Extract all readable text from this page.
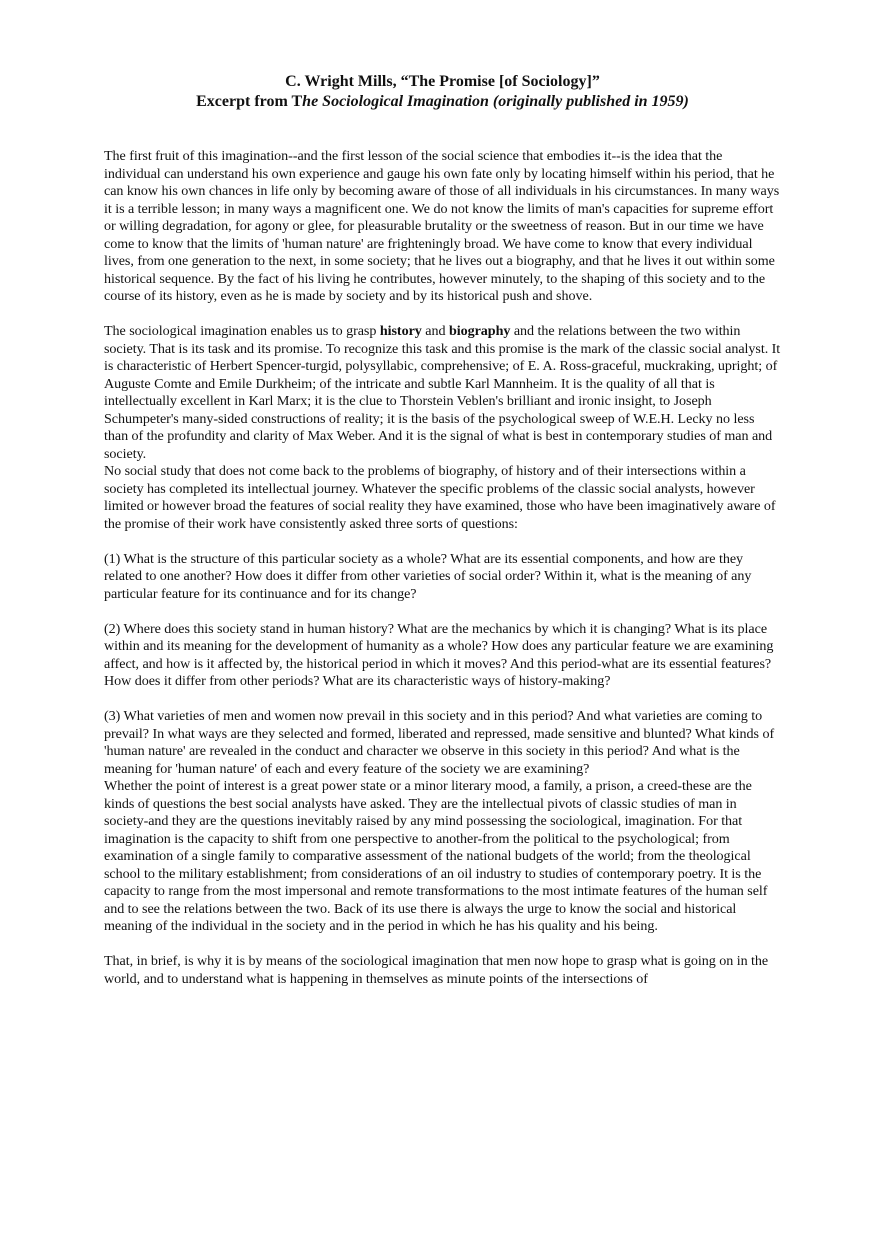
C. Wright Mills, “The Promise [of Sociology]”
Excerpt from The Sociological Imagination (originally published in 1959)

The first fruit of this imagination--and the first lesson of the social science that embodies it--is the idea that the individual can understand his own experience and gauge his own fate only by locating himself within his period, that he can know his own chances in life only by becoming aware of those of all individuals in his circumstances. In many ways it is a terrible lesson; in many ways a magnificent one. We do not know the limits of man's capacities for supreme effort or willing degradation, for agony or glee, for pleasurable brutality or the sweetness of reason. But in our time we have come to know that the limits of 'human nature' are frighteningly broad. We have come to know that every individual lives, from one generation to the next, in some society; that he lives out a biography, and that he lives it out within some historical sequence. By the fact of his living he contributes, however minutely, to the shaping of this society and to the course of its history, even as he is made by society and by its historical push and shove.

The sociological imagination enables us to grasp history and biography and the relations between the two within society. That is its task and its promise. To recognize this task and this promise is the mark of the classic social analyst. It is characteristic of Herbert Spencer-turgid, polysyllabic, comprehensive; of E. A. Ross-graceful, muckraking, upright; of Auguste Comte and Emile Durkheim; of the intricate and subtle Karl Mannheim. It is the quality of all that is intellectually excellent in Karl Marx; it is the clue to Thorstein Veblen's brilliant and ironic insight, to Joseph Schumpeter's many-sided constructions of reality; it is the basis of the psychological sweep of W.E.H. Lecky no less than of the profundity and clarity of Max Weber. And it is the signal of what is best in contemporary studies of man and society.

No social study that does not come back to the problems of biography, of history and of their intersections within a society has completed its intellectual journey. Whatever the specific problems of the classic social analysts, however limited or however broad the features of social reality they have examined, those who have been imaginatively aware of the promise of their work have consistently asked three sorts of questions:

(1) What is the structure of this particular society as a whole? What are its essential components, and how are they related to one another? How does it differ from other varieties of social order? Within it, what is the meaning of any particular feature for its continuance and for its change?

(2) Where does this society stand in human history? What are the mechanics by which it is changing? What is its place within and its meaning for the development of humanity as a whole? How does any particular feature we are examining affect, and how is it affected by, the historical period in which it moves? And this period-what are its essential features? How does it differ from other periods? What are its characteristic ways of history-making?

(3) What varieties of men and women now prevail in this society and in this period? And what varieties are coming to prevail? In what ways are they selected and formed, liberated and repressed, made sensitive and blunted? What kinds of 'human nature' are revealed in the conduct and character we observe in this society in this period? And what is the meaning for 'human nature' of each and every feature of the society we are examining?

Whether the point of interest is a great power state or a minor literary mood, a family, a prison, a creed-these are the kinds of questions the best social analysts have asked. They are the intellectual pivots of classic studies of man in society-and they are the questions inevitably raised by any mind possessing the sociological, imagination. For that imagination is the capacity to shift from one perspective to another-from the political to the psychological; from examination of a single family to comparative assessment of the national budgets of the world; from the theological school to the military establishment; from considerations of an oil industry to studies of contemporary poetry. It is the capacity to range from the most impersonal and remote transformations to the most intimate features of the human self and to see the relations between the two. Back of its use there is always the urge to know the social and historical meaning of the individual in the society and in the period in which he has his quality and his being.

That, in brief, is why it is by means of the sociological imagination that men now hope to grasp what is going on in the world, and to understand what is happening in themselves as minute points of the intersections of
